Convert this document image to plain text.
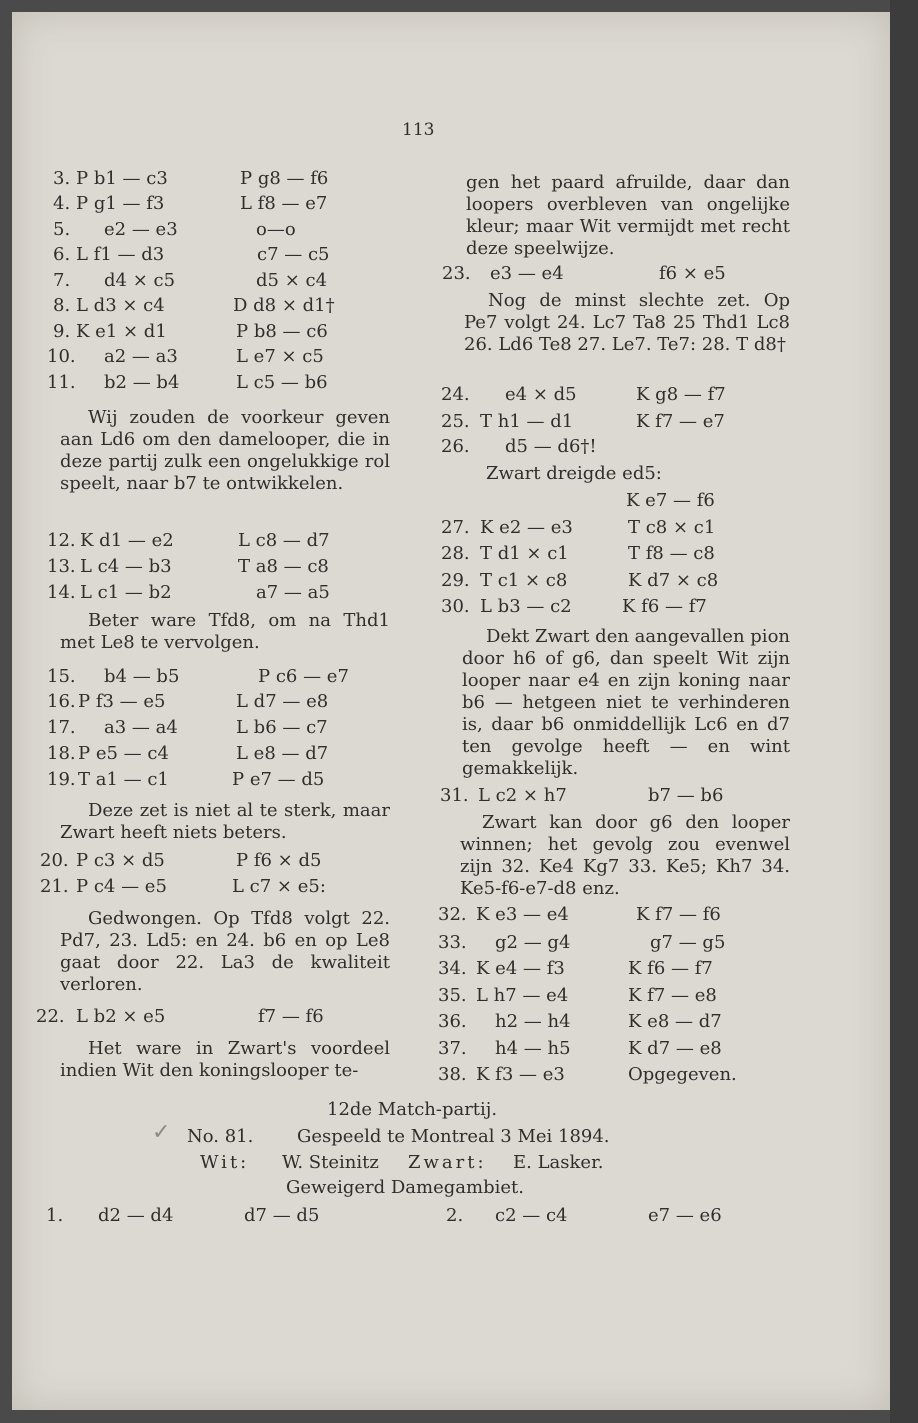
113
3. P b1 — c3	P g8 — f6
4. P g1 — f3	L f8 — e7
5. e2 — e3	o—o
6. L f1 — d3	c7 — c5
7. d4 × c5	d5 × c4
8. L d3 × c4	D d8 × d1†
9. K e1 × d1	P b8 — c6
10. a2 — a3	L e7 × c5
11. b2 — b4	L c5 — b6
Wij zouden de voorkeur geven aan Ld6 om den damelooper, die in deze partij zulk een ongelukkige rol speelt, naar b7 te ontwikkelen.
12. K d1 — e2	L c8 — d7
13. L c4 — b3	T a8 — c8
14. L c1 — b2	a7 — a5
Beter ware Tfd8, om na Thd1 met Le8 te vervolgen.
15. b4 — b5	P c6 — e7
16. P f3 — e5	L d7 — e8
17. a3 — a4	L b6 — c7
18. P e5 — c4	L e8 — d7
19. T a1 — c1	P e7 — d5
Deze zet is niet al te sterk, maar Zwart heeft niets beters.
20. P c3 × d5	P f6 × d5
21. P c4 — e5	L c7 × e5:
Gedwongen. Op Tfd8 volgt 22. Pd7, 23. Ld5: en 24. b6 en op Le8 gaat door 22. La3 de kwaliteit verloren.
22. L b2 × e5	f7 — f6
Het ware in Zwart's voordeel indien Wit den koningslooper te-
gen het paard afruilde, daar dan loopers overbleven van ongelijke kleur; maar Wit vermijdt met recht deze speelwijze.
23. e3 — e4	f6 × e5
Nog de minst slechte zet. Op Pe7 volgt 24. Lc7 Ta8 25 Thd1 Lc8 26. Ld6 Te8 27. Le7. Te7: 28. T d8†
24. e4 × d5	K g8 — f7
25. T h1 — d1	K f7 — e7
26. d5 — d6†!
Zwart dreigde ed5:
K e7 — f6
27. K e2 — e3	T c8 × c1
28. T d1 × c1	T f8 — c8
29. T c1 × c8	K d7 × c8
30. L b3 — c2	K f6 — f7
Dekt Zwart den aangevallen pion door h6 of g6, dan speelt Wit zijn looper naar e4 en zijn koning naar b6 — hetgeen niet te verhinderen is, daar b6 onmiddellijk Lc6 en d7 ten gevolge heeft — en wint gemakkelijk.
31. L c2 × h7	b7 — b6
Zwart kan door g6 den looper winnen; het gevolg zou evenwel zijn 32. Ke4 Kg7 33. Ke5; Kh7 34. Ke5-f6-e7-d8 enz.
32. K e3 — e4	K f7 — f6
33. g2 — g4	g7 — g5
34. K e4 — f3	K f6 — f7
35. L h7 — e4	K f7 — e8
36. h2 — h4	K e8 — d7
37. h4 — h5	K d7 — e8
38. K f3 — e3	Opgegeven.
12de Match-partij.
✓ No. 81. Gespeeld te Montreal 3 Mei 1894.
Wit: W. Steinitz Zwart: E. Lasker.
Geweigerd Damegambiet.
1. d2 — d4	d7 — d5	2. c2 — c4	e7 — e6
